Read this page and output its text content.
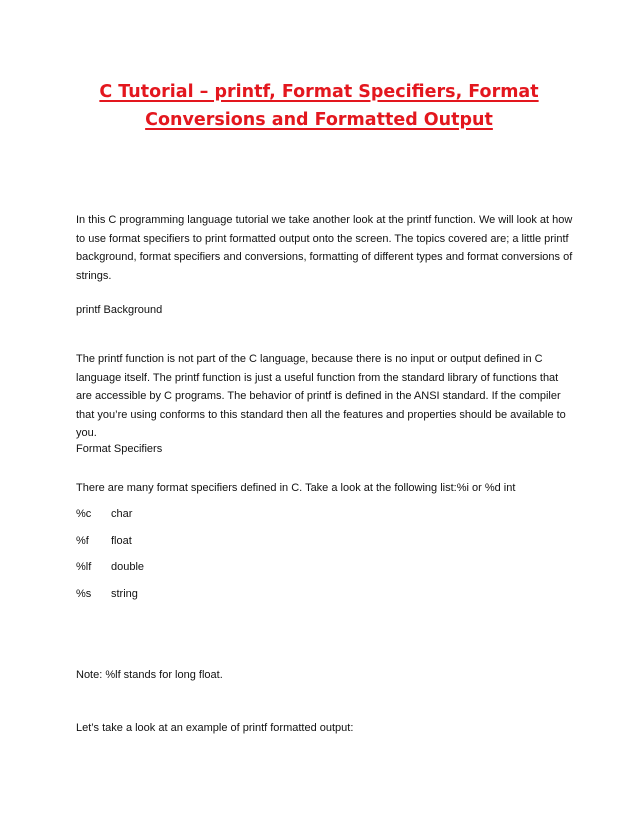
C Tutorial – printf, Format Specifiers, Format
Conversions and Formatted Output

In this C programming language tutorial we take another look at the printf function. We will look at how to use format specifiers to print formatted output onto the screen. The topics covered are; a little printf background, format specifiers and conversions, formatting of different types and format conversions of strings.

printf Background

The printf function is not part of the C language, because there is no input or output defined in C language itself. The printf function is just a useful function from the standard library of functions that are accessible by C programs. The behavior of printf is defined in the ANSI standard. If the compiler that you’re using conforms to this standard then all the features and properties should be available to you.

Format Specifiers

There are many format specifiers defined in C. Take a look at the following list:%i or %d int

%c char
%f float
%lf double
%s string

Note: %lf stands for long float.

Let’s take a look at an example of printf formatted output:
